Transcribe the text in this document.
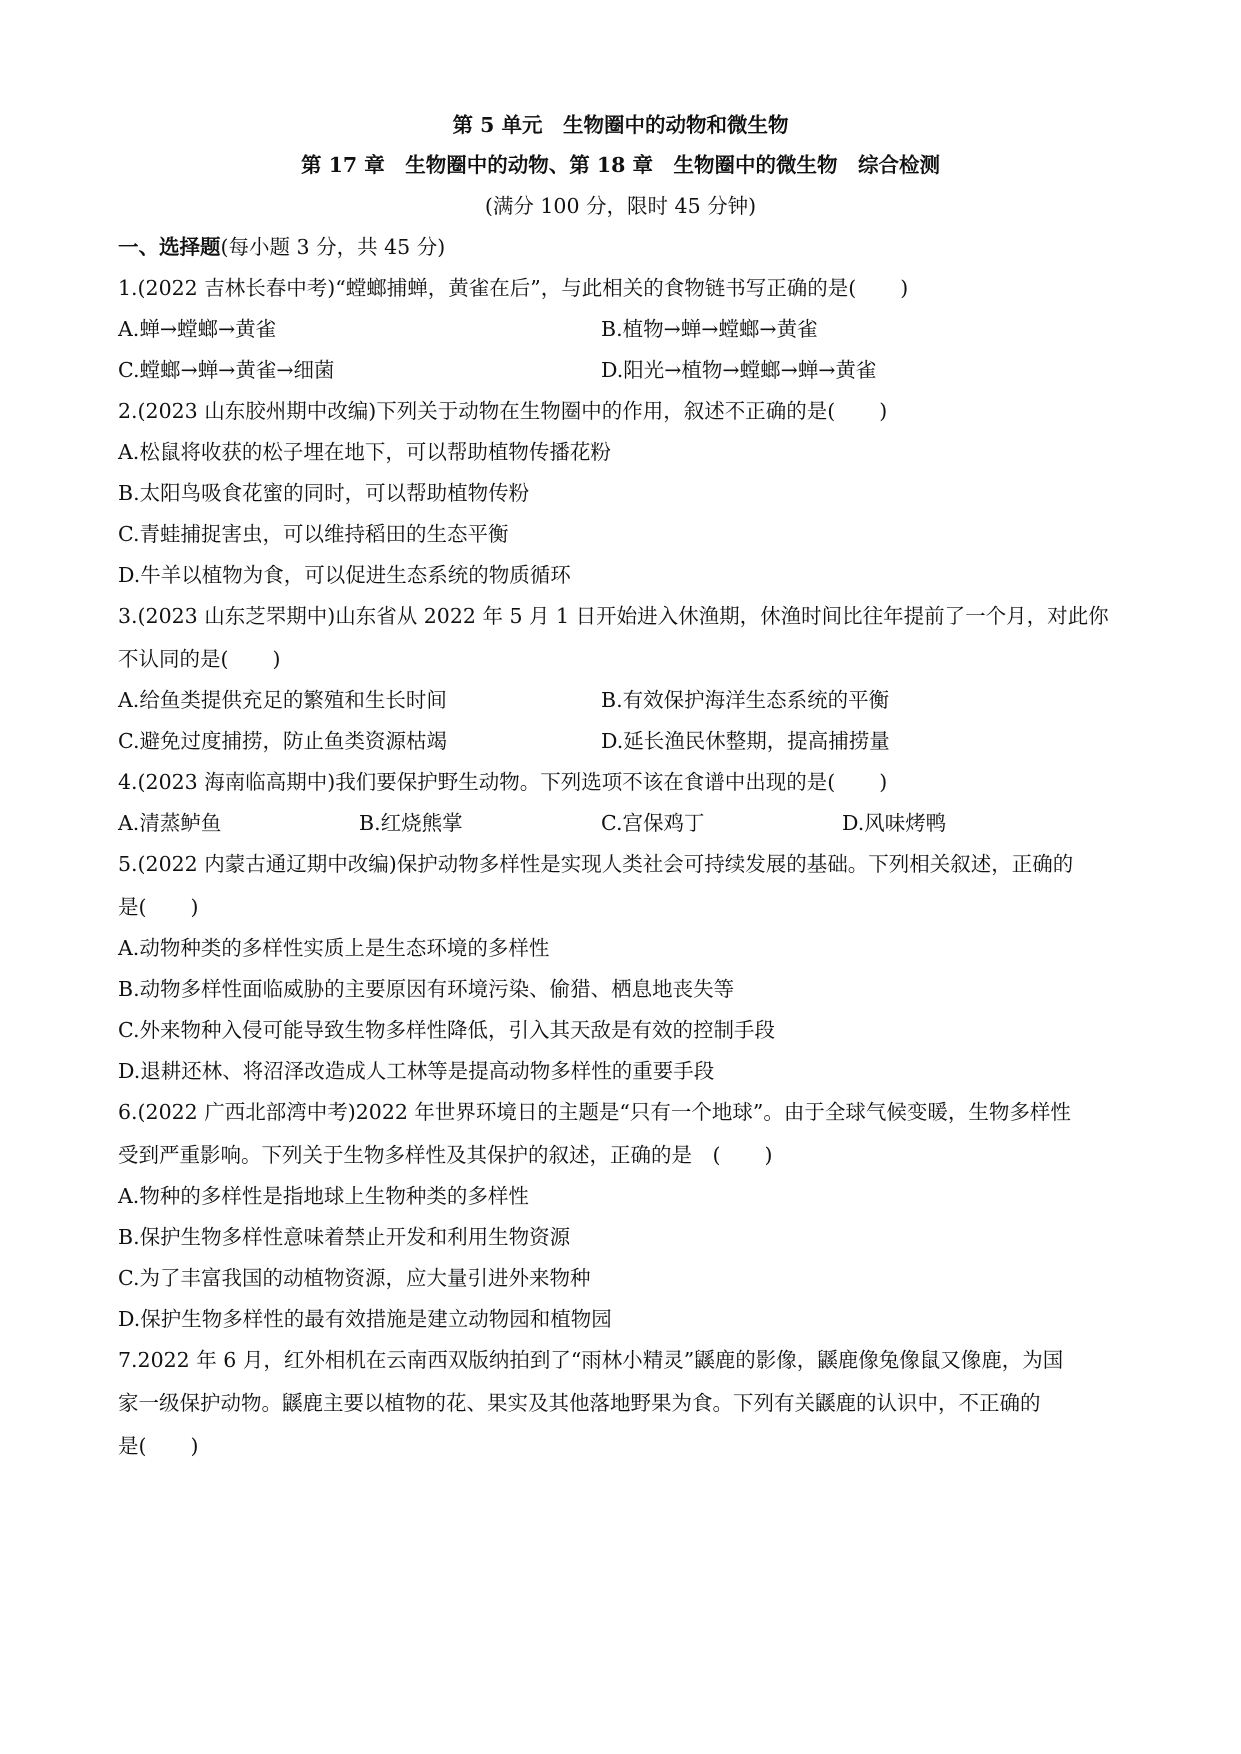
第 5 单元　生物圈中的动物和微生物
第 17 章　生物圈中的动物、第 18 章　生物圈中的微生物　综合检测
(满分 100 分，限时 45 分钟)
一、选择题(每小题 3 分，共 45 分)
1.(2022 吉林长春中考)“螳螂捕蝉，黄雀在后”，与此相关的食物链书写正确的是( )
A.蝉→螳螂→黄雀	B.植物→蝉→螳螂→黄雀
C.螳螂→蝉→黄雀→细菌	D.阳光→植物→螳螂→蝉→黄雀
2.(2023 山东胶州期中改编)下列关于动物在生物圈中的作用，叙述不正确的是( )
A.松鼠将收获的松子埋在地下，可以帮助植物传播花粉
B.太阳鸟吸食花蜜的同时，可以帮助植物传粉
C.青蛙捕捉害虫，可以维持稻田的生态平衡
D.牛羊以植物为食，可以促进生态系统的物质循环
3.(2023 山东芝罘期中)山东省从 2022 年 5 月 1 日开始进入休渔期，休渔时间比往年提前了一个月，对此你
不认同的是( )
A.给鱼类提供充足的繁殖和生长时间	B.有效保护海洋生态系统的平衡
C.避免过度捕捞，防止鱼类资源枯竭	D.延长渔民休整期，提高捕捞量
4.(2023 海南临高期中)我们要保护野生动物。下列选项不该在食谱中出现的是( )
A.清蒸鲈鱼	B.红烧熊掌	C.宫保鸡丁	D.风味烤鸭
5.(2022 内蒙古通辽期中改编)保护动物多样性是实现人类社会可持续发展的基础。下列相关叙述，正确的
是( )
A.动物种类的多样性实质上是生态环境的多样性
B.动物多样性面临威胁的主要原因有环境污染、偷猎、栖息地丧失等
C.外来物种入侵可能导致生物多样性降低，引入其天敌是有效的控制手段
D.退耕还林、将沼泽改造成人工林等是提高动物多样性的重要手段
6.(2022 广西北部湾中考)2022 年世界环境日的主题是“只有一个地球”。由于全球气候变暖，生物多样性
受到严重影响。下列关于生物多样性及其保护的叙述，正确的是　( )
A.物种的多样性是指地球上生物种类的多样性
B.保护生物多样性意味着禁止开发和利用生物资源
C.为了丰富我国的动植物资源，应大量引进外来物种
D.保护生物多样性的最有效措施是建立动物园和植物园
7.2022 年 6 月，红外相机在云南西双版纳拍到了“雨林小精灵”鼷鹿的影像，鼷鹿像兔像鼠又像鹿，为国
家一级保护动物。鼷鹿主要以植物的花、果实及其他落地野果为食。下列有关鼷鹿的认识中，不正确的
是( )
